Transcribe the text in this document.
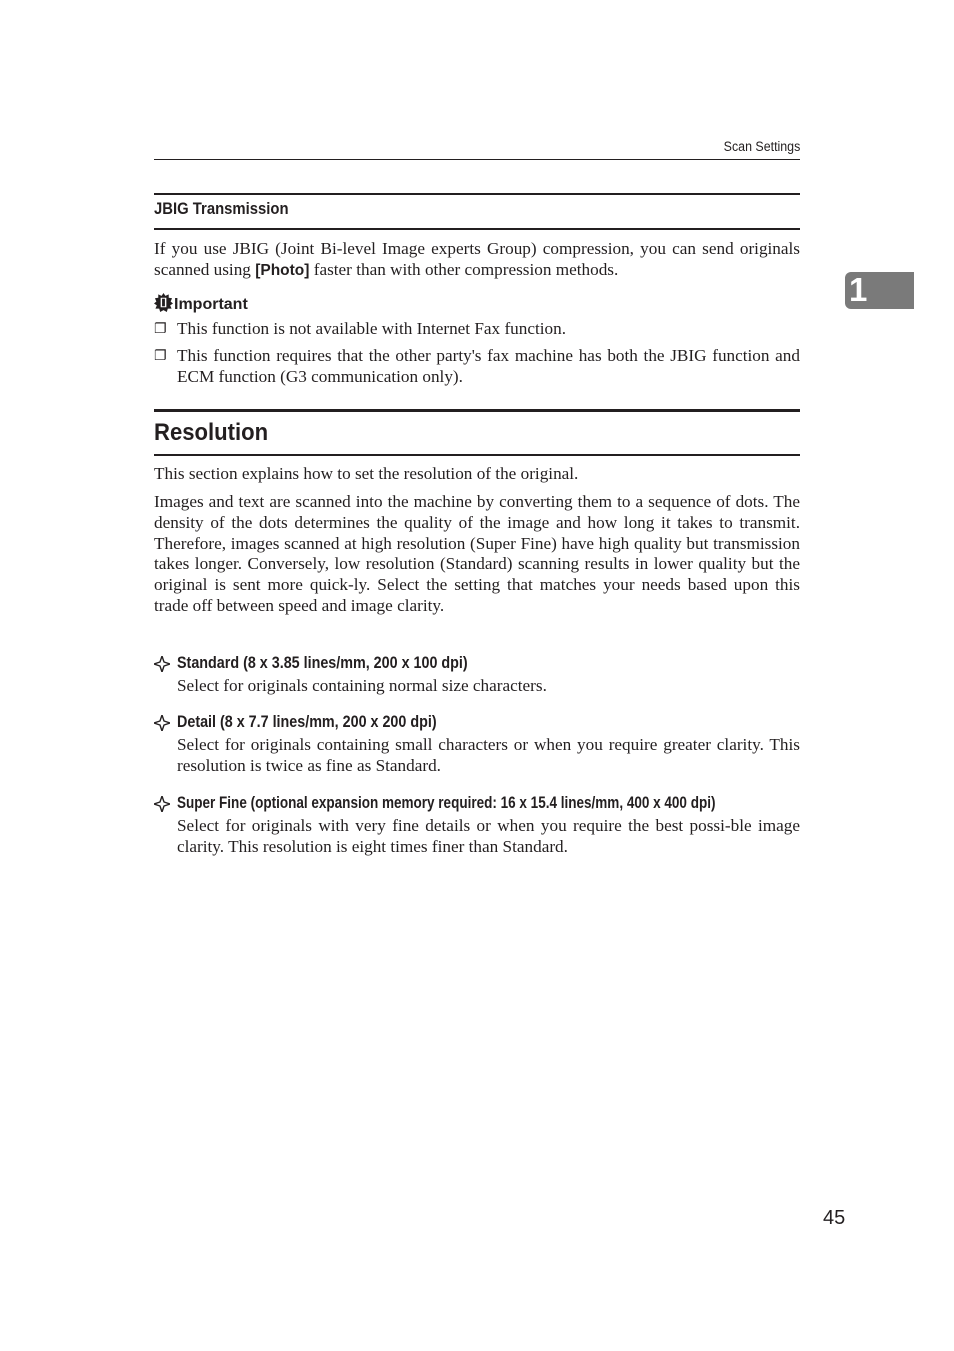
Scan Settings
1
JBIG Transmission

If you use JBIG (Joint Bi-level Image experts Group) compression, you can send originals scanned using [Photo] faster than with other compression methods.

Important
❐ This function is not available with Internet Fax function.
❐ This function requires that the other party's fax machine has both the JBIG function and ECM function (G3 communication only).
Resolution

This section explains how to set the resolution of the original.

Images and text are scanned into the machine by converting them to a sequence of dots. The density of the dots determines the quality of the image and how long it takes to transmit. Therefore, images scanned at high resolution (Super Fine) have high quality but transmission takes longer. Conversely, low resolution (Standard) scanning results in lower quality but the original is sent more quick-ly. Select the setting that matches your needs based upon this trade off between speed and image clarity.

Standard (8 x 3.85 lines/mm, 200 x 100 dpi)

Select for originals containing normal size characters.

Detail (8 x 7.7 lines/mm, 200 x 200 dpi)

Select for originals containing small characters or when you require greater clarity. This resolution is twice as fine as Standard.

Super Fine (optional expansion memory required: 16 x 15.4 lines/mm, 400 x 400 dpi)

Select for originals with very fine details or when you require the best possi-ble image clarity. This resolution is eight times finer than Standard.

45
